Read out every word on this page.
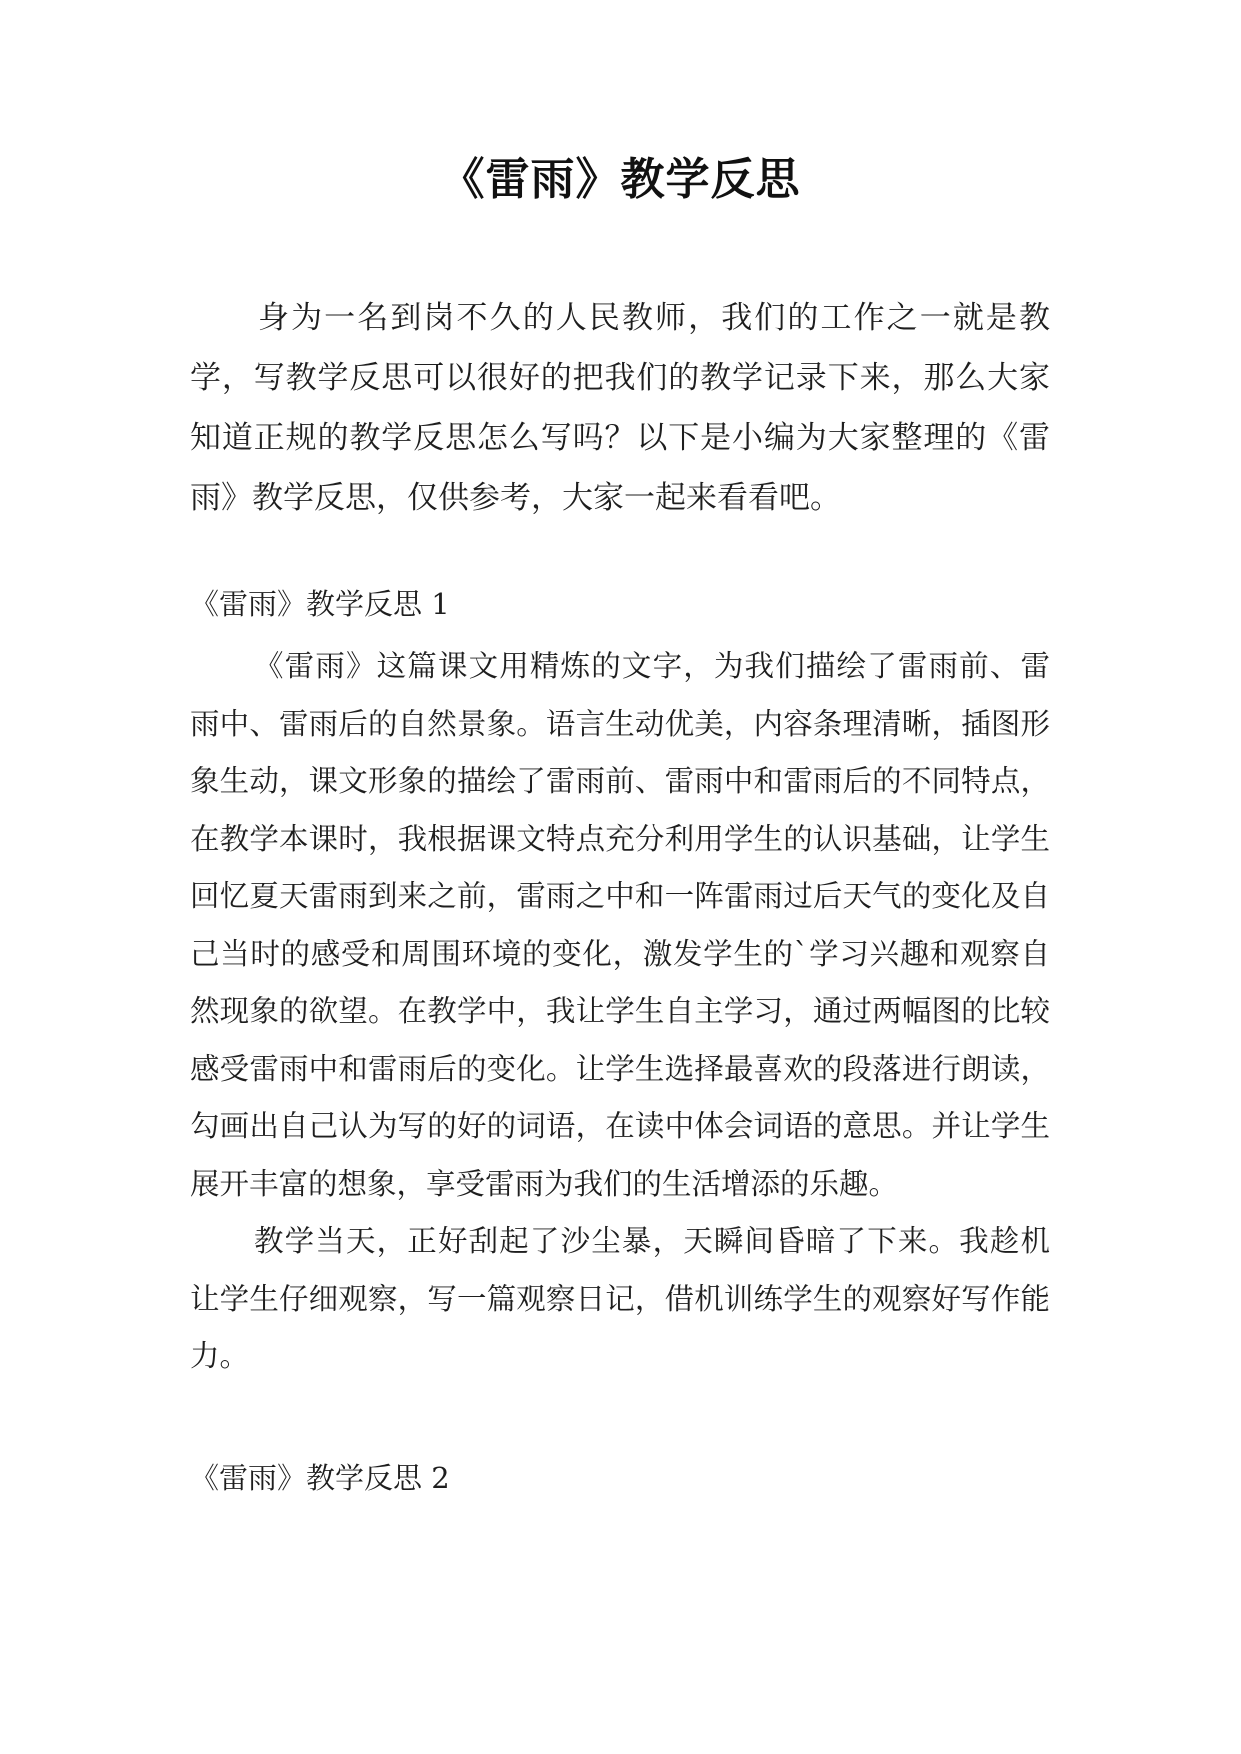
《雷雨》教学反思

身为一名到岗不久的人民教师，我们的工作之一就是教学，写教学反思可以很好的把我们的教学记录下来，那么大家知道正规的教学反思怎么写吗？以下是小编为大家整理的《雷雨》教学反思，仅供参考，大家一起来看看吧。

《雷雨》教学反思 1

《雷雨》这篇课文用精炼的文字，为我们描绘了雷雨前、雷雨中、雷雨后的自然景象。语言生动优美，内容条理清晰，插图形象生动，课文形象的描绘了雷雨前、雷雨中和雷雨后的不同特点，在教学本课时，我根据课文特点充分利用学生的认识基础，让学生回忆夏天雷雨到来之前，雷雨之中和一阵雷雨过后天气的变化及自己当时的感受和周围环境的变化，激发学生的`学习兴趣和观察自然现象的欲望。在教学中，我让学生自主学习，通过两幅图的比较感受雷雨中和雷雨后的变化。让学生选择最喜欢的段落进行朗读，勾画出自己认为写的好的词语，在读中体会词语的意思。并让学生展开丰富的想象，享受雷雨为我们的生活增添的乐趣。

教学当天，正好刮起了沙尘暴，天瞬间昏暗了下来。我趁机让学生仔细观察，写一篇观察日记，借机训练学生的观察好写作能力。

《雷雨》教学反思 2
